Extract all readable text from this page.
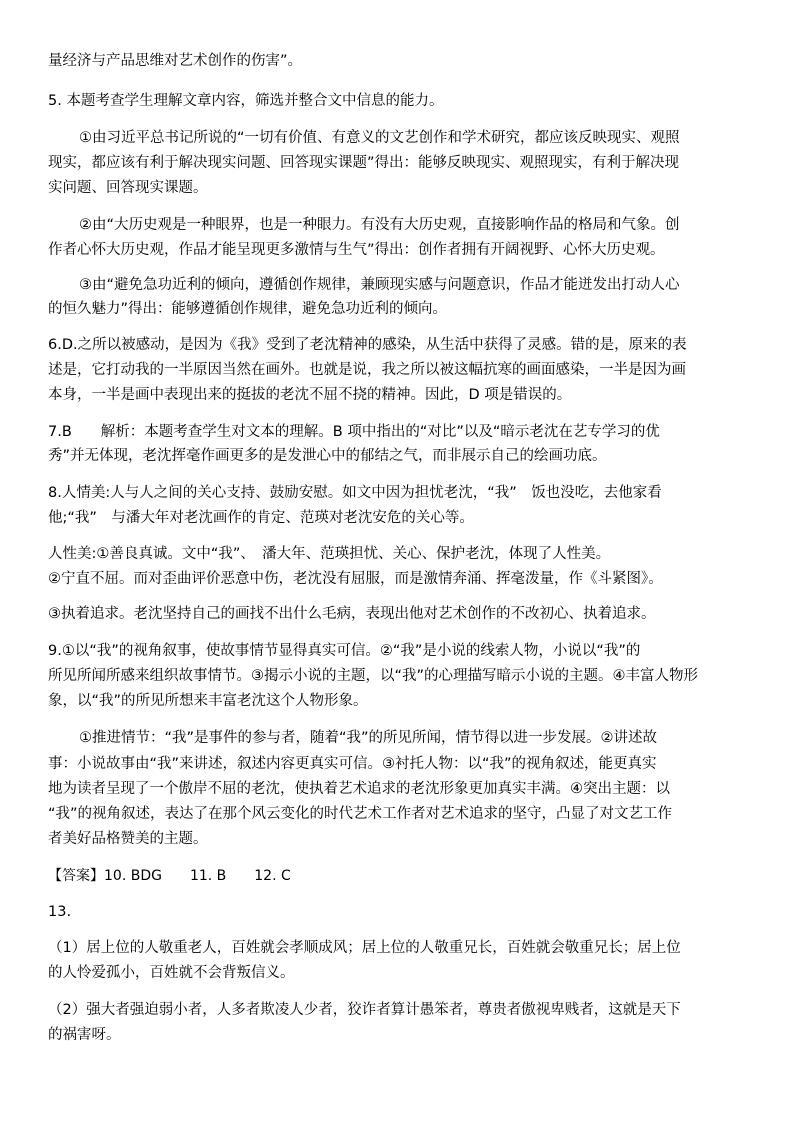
量经济与产品思维对艺术创作的伤害”。
5. 本题考查学生理解文章内容，筛选并整合文中信息的能力。
①由习近平总书记所说的“一切有价值、有意义的文艺创作和学术研究，都应该反映现实、观照
现实，都应该有利于解决现实问题、回答现实课题”得出：能够反映现实、观照现实，有利于解决现
实问题、回答现实课题。
②由“大历史观是一种眼界，也是一种眼力。有没有大历史观，直接影响作品的格局和气象。创
作者心怀大历史观，作品才能呈现更多激情与生气”得出：创作者拥有开阔视野、心怀大历史观。
③由“避免急功近利的倾向，遵循创作规律，兼顾现实感与问题意识，作品才能迸发出打动人心
的恒久魅力”得出：能够遵循创作规律，避免急功近利的倾向。
6.D.之所以被感动，是因为《我》受到了老沈精神的感染，从生活中获得了灵感。错的是，原来的表
述是，它打动我的一半原因当然在画外。也就是说，我之所以被这幅抗寒的画面感染，一半是因为画
本身，一半是画中表现出来的挺拔的老沈不屈不挠的精神。因此，D 项是错误的。
7.B　　解析：本题考查学生对文本的理解。B 项中指出的“对比”以及“暗示老沈在艺专学习的优
秀”并无体现，老沈挥毫作画更多的是发泄心中的郁结之气，而非展示自己的绘画功底。
8.人情美:人与人之间的关心支持、鼓励安慰。如文中因为担忧老沈，“我”　饭也没吃，去他家看
他;“我”　与潘大年对老沈画作的肯定、范瑛对老沈安危的关心等。
人性美:①善良真诚。文中“我”、　潘大年、范瑛担忧、关心、保护老沈，体现了人性美。
②宁直不屈。而对歪曲评价恶意中伤，老沈没有屈服，而是激情奔涌、挥毫泼量，作《斗紧图》。
③执着追求。老沈坚持自己的画找不出什么毛病，表现出他对艺术创作的不改初心、执着追求。
9.①以“我”的视角叙事，使故事情节显得真实可信。②“我”是小说的线索人物，小说以“我”的
所见所闻所感来组织故事情节。③揭示小说的主题，以“我”的心理描写暗示小说的主题。④丰富人物形
象，以“我”的所见所想来丰富老沈这个人物形象。
①推进情节：“我”是事件的参与者，随着“我”的所见所闻，情节得以进一步发展。②讲述故
事：小说故事由“我”来讲述，叙述内容更真实可信。③衬托人物：以“我”的视角叙述，能更真实
地为读者呈现了一个傲岸不屈的老沈，使执着艺术追求的老沈形象更加真实丰满。④突出主题：以
“我”的视角叙述，表达了在那个风云变化的时代艺术工作者对艺术追求的坚守，凸显了对文艺工作
者美好品格赞美的主题。
【答案】10. BDG　　11. B　　12. C
13.
（1）居上位的人敬重老人，百姓就会孝顺成风；居上位的人敬重兄长，百姓就会敬重兄长；居上位
的人怜爱孤小，百姓就不会背叛信义。
（2）强大者强迫弱小者，人多者欺凌人少者，狡诈者算计愚笨者，尊贵者傲视卑贱者，这就是天下
的祸害呀。
